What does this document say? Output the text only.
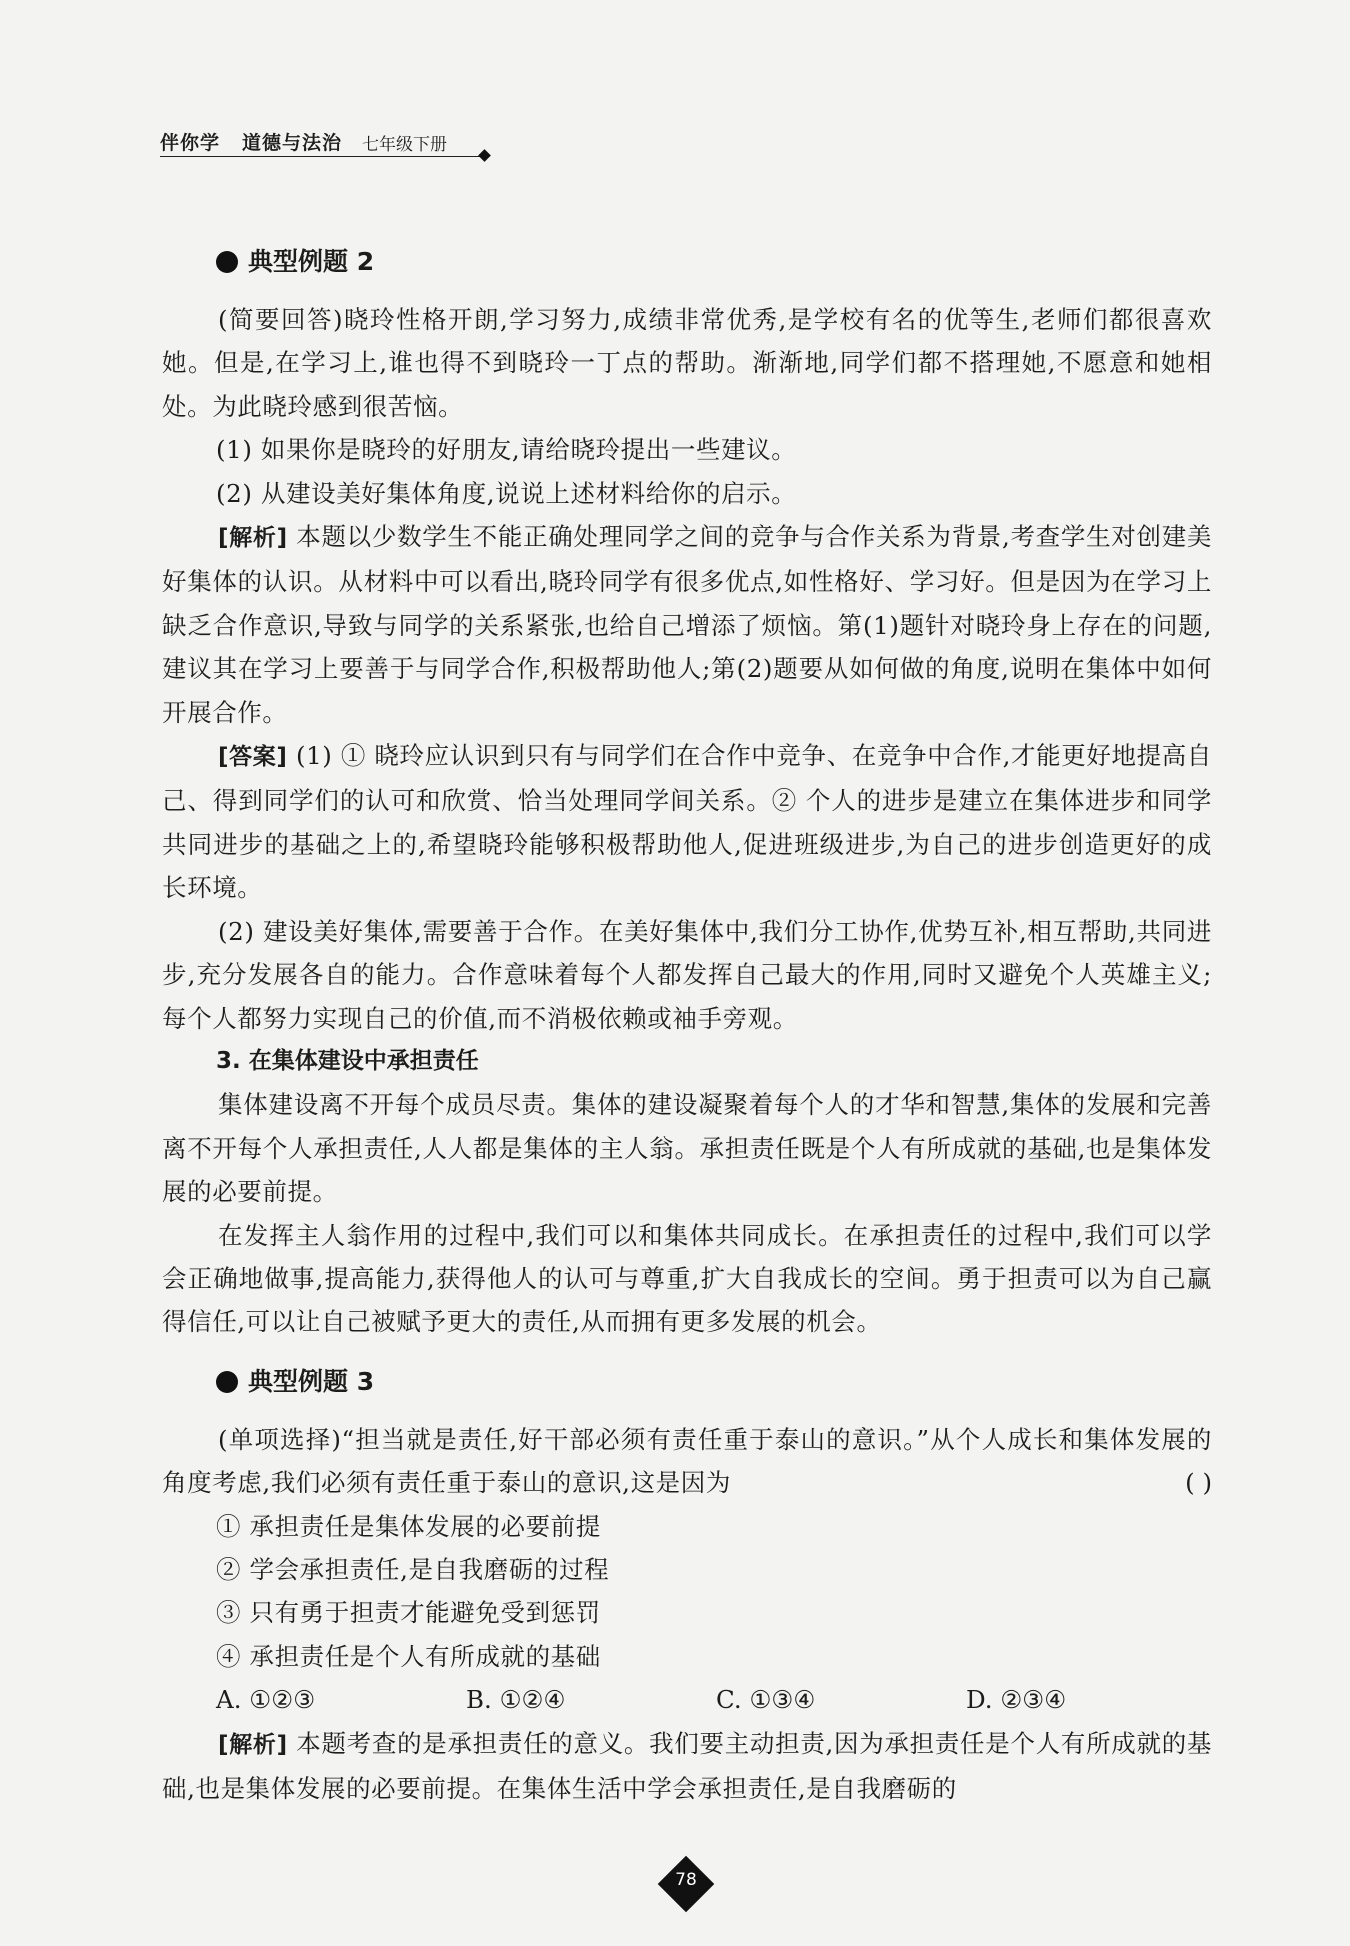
伴你学 道德与法治 七年级下册
典型例题 2

(简要回答)晓玲性格开朗,学习努力,成绩非常优秀,是学校有名的优等生,老师们都很喜欢她。但是,在学习上,谁也得不到晓玲一丁点的帮助。渐渐地,同学们都不搭理她,不愿意和她相处。为此晓玲感到很苦恼。

(1) 如果你是晓玲的好朋友,请给晓玲提出一些建议。

(2) 从建设美好集体角度,说说上述材料给你的启示。

[解析] 本题以少数学生不能正确处理同学之间的竞争与合作关系为背景,考查学生对创建美好集体的认识。从材料中可以看出,晓玲同学有很多优点,如性格好、学习好。但是因为在学习上缺乏合作意识,导致与同学的关系紧张,也给自己增添了烦恼。第(1)题针对晓玲身上存在的问题,建议其在学习上要善于与同学合作,积极帮助他人;第(2)题要从如何做的角度,说明在集体中如何开展合作。

[答案] (1) ① 晓玲应认识到只有与同学们在合作中竞争、在竞争中合作,才能更好地提高自己、得到同学们的认可和欣赏、恰当处理同学间关系。② 个人的进步是建立在集体进步和同学共同进步的基础之上的,希望晓玲能够积极帮助他人,促进班级进步,为自己的进步创造更好的成长环境。

(2) 建设美好集体,需要善于合作。在美好集体中,我们分工协作,优势互补,相互帮助,共同进步,充分发展各自的能力。合作意味着每个人都发挥自己最大的作用,同时又避免个人英雄主义;每个人都努力实现自己的价值,而不消极依赖或袖手旁观。

3. 在集体建设中承担责任

集体建设离不开每个成员尽责。集体的建设凝聚着每个人的才华和智慧,集体的发展和完善离不开每个人承担责任,人人都是集体的主人翁。承担责任既是个人有所成就的基础,也是集体发展的必要前提。

在发挥主人翁作用的过程中,我们可以和集体共同成长。在承担责任的过程中,我们可以学会正确地做事,提高能力,获得他人的认可与尊重,扩大自我成长的空间。勇于担责可以为自己赢得信任,可以让自己被赋予更大的责任,从而拥有更多发展的机会。

典型例题 3

(单项选择)“担当就是责任,好干部必须有责任重于泰山的意识。”从个人成长和集体发展的角度考虑,我们必须有责任重于泰山的意识,这是因为	( )

① 承担责任是集体发展的必要前提

② 学会承担责任,是自我磨砺的过程

③ 只有勇于担责才能避免受到惩罚

④ 承担责任是个人有所成就的基础

A. ①②③	B. ①②④	C. ①③④	D. ②③④

[解析] 本题考查的是承担责任的意义。我们要主动担责,因为承担责任是个人有所成就的基础,也是集体发展的必要前提。在集体生活中学会承担责任,是自我磨砺的

78
